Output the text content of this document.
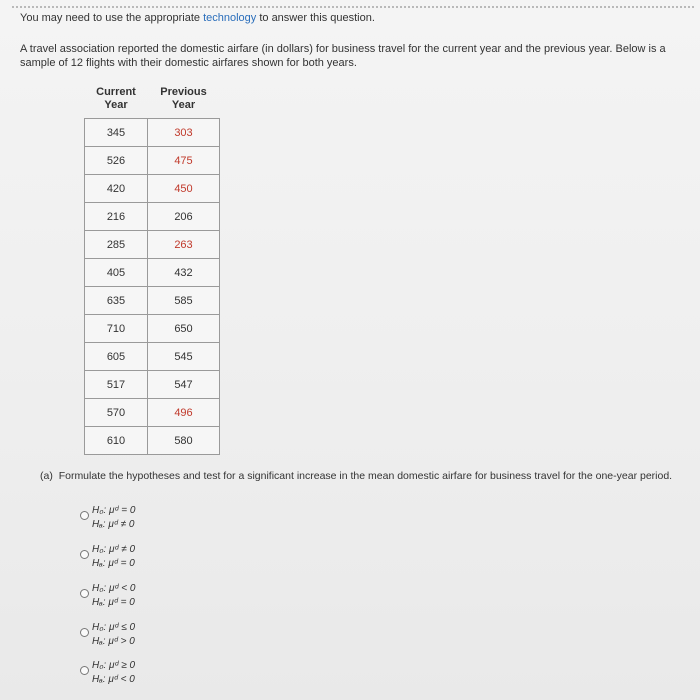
You may need to use the appropriate technology to answer this question.
A travel association reported the domestic airfare (in dollars) for business travel for the current year and the previous year. Below is a sample of 12 flights with their domestic airfares shown for both years.
Current Year	Previous Year
345	303
526	475
420	450
216	206
285	263
405	432
635	585
710	650
605	545
517	547
570	496
610	580
(a) Formulate the hypotheses and test for a significant increase in the mean domestic airfare for business travel for the one-year period.
H₀: μᵈ = 0
Hₐ: μᵈ ≠ 0
H₀: μᵈ ≠ 0
Hₐ: μᵈ = 0
H₀: μᵈ < 0
Hₐ: μᵈ = 0
H₀: μᵈ ≤ 0
Hₐ: μᵈ > 0
H₀: μᵈ ≥ 0
Hₐ: μᵈ < 0
